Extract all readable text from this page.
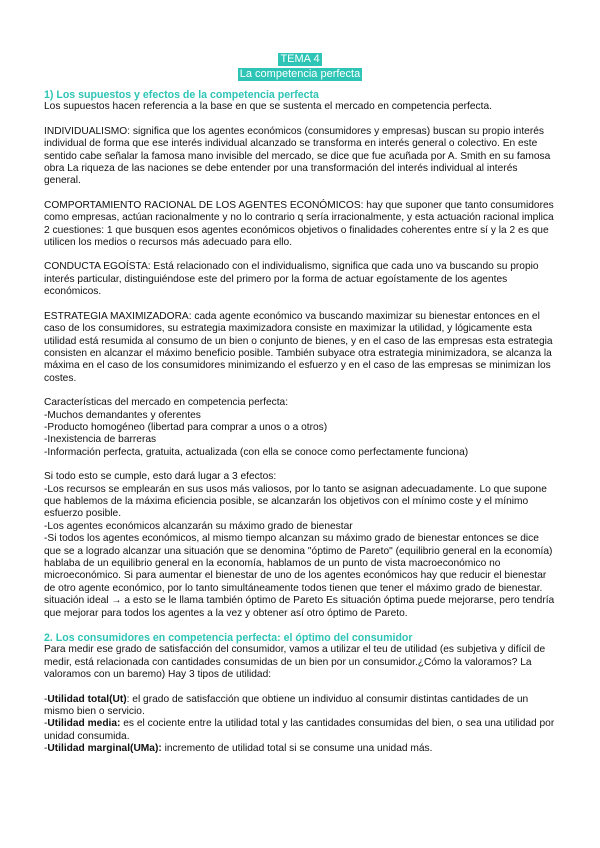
TEMA 4
La competencia perfecta

1) Los supuestos y efectos de la competencia perfecta

Los supuestos hacen referencia a la base en que se sustenta el mercado en competencia perfecta.

INDIVIDUALISMO: significa que los agentes económicos (consumidores y empresas) buscan su propio interés individual de forma que ese interés individual alcanzado se transforma en interés general o colectivo. En este sentido cabe señalar la famosa mano invisible del mercado, se dice que fue acuñada por A. Smith en su famosa obra La riqueza de las naciones se debe entender por una transformación del interés individual al interés general.

COMPORTAMIENTO RACIONAL DE LOS AGENTES ECONÓMICOS: hay que suponer que tanto consumidores como empresas, actúan racionalmente y no lo contrario q sería irracionalmente, y esta actuación racional implica 2 cuestiones: 1 que busquen esos agentes económicos objetivos o finalidades coherentes entre sí y la 2 es que utilicen los medios o recursos más adecuado para ello.

CONDUCTA EGOÍSTA: Está relacionado con el individualismo, significa que cada uno va buscando su propio interés particular, distinguiéndose este del primero por la forma de actuar egoístamente de los agentes económicos.

ESTRATEGIA MAXIMIZADORA: cada agente económico va buscando maximizar su bienestar entonces en el caso de los consumidores, su estrategia maximizadora consiste en maximizar la utilidad, y lógicamente esta utilidad está resumida al consumo de un bien o conjunto de bienes, y en el caso de las empresas esta estrategia consisten en alcanzar el máximo beneficio posible. También subyace otra estrategia minimizadora, se alcanza la máxima en el caso de los consumidores minimizando el esfuerzo y en el caso de las empresas se minimizan los costes.

Características del mercado en competencia perfecta:

-Muchos demandantes y oferentes

-Producto homogéneo (libertad para comprar a unos o a otros)

-Inexistencia de barreras

-Información perfecta, gratuita, actualizada (con ella se conoce como perfectamente funciona)

Si todo esto se cumple, esto dará lugar a 3 efectos:

-Los recursos se emplearán en sus usos más valiosos, por lo tanto se asignan adecuadamente. Lo que supone que hablemos de la máxima eficiencia posible, se alcanzarán los objetivos con el mínimo coste y el mínimo esfuerzo posible.

-Los agentes económicos alcanzarán su máximo grado de bienestar

-Si todos los agentes económicos, al mismo tiempo alcanzan su máximo grado de bienestar entonces se dice que se a logrado alcanzar una situación que se denomina "óptimo de Pareto" (equilibrio general en la economía) hablaba de un equilibrio general en la economía, hablamos de un punto de vista macroeconómico no microeconómico. Si para aumentar el bienestar de uno de los agentes económicos hay que reducir el bienestar de otro agente económico, por lo tanto simultáneamente todos tienen que tener el máximo grado de bienestar. situación ideal → a esto se le llama también óptimo de Pareto Es situación óptima puede mejorarse, pero tendría que mejorar para todos los agentes a la vez y obtener así otro óptimo de Pareto.

2. Los consumidores en competencia perfecta: el óptimo del consumidor

Para medir ese grado de satisfacción del consumidor, vamos a utilizar el teu de utilidad (es subjetiva y difícil de medir, está relacionada con cantidades consumidas de un bien por un consumidor.¿Cómo la valoramos? La valoramos con un baremo) Hay 3 tipos de utilidad:

-Utilidad total(Ut): el grado de satisfacción que obtiene un individuo al consumir distintas cantidades de un mismo bien o servicio.

-Utilidad media: es el cociente entre la utilidad total y las cantidades consumidas del bien, o sea una utilidad por unidad consumida.

-Utilidad marginal(UMa): incremento de utilidad total si se consume una unidad más.
